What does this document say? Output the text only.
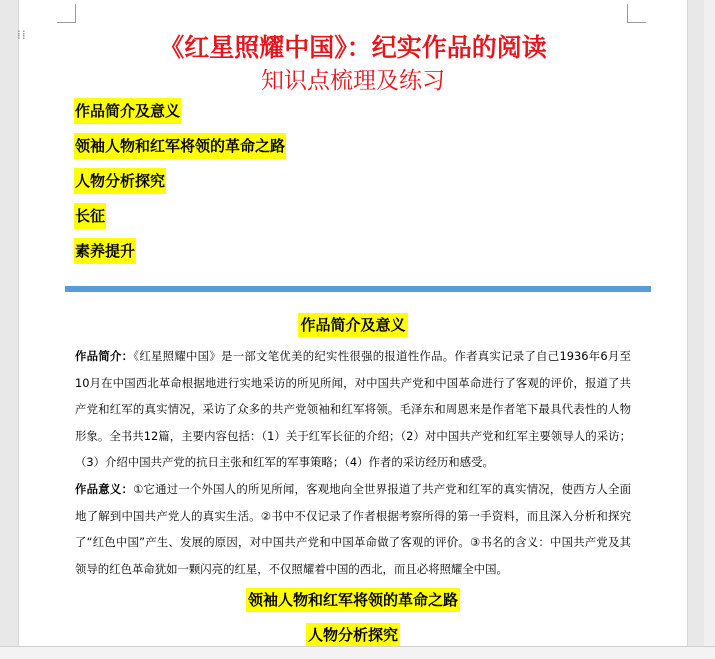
《红星照耀中国》：纪实作品的阅读
知识点梳理及练习
作品简介及意义
领袖人物和红军将领的革命之路
人物分析探究
长征
素养提升
作品简介及意义
作品简介：《红星照耀中国》是一部文笔优美的纪实性很强的报道性作品。作者真实记录了自己1936年6月至10月在中国西北革命根据地进行实地采访的所见所闻，对中国共产党和中国革命进行了客观的评价，报道了共产党和红军的真实情况，采访了众多的共产党领袖和红军将领。毛泽东和周恩来是作者笔下最具代表性的人物形象。全书共12篇，主要内容包括：（1）关于红军长征的介绍；（2）对中国共产党和红军主要领导人的采访；（3）介绍中国共产党的抗日主张和红军的军事策略；（4）作者的采访经历和感受。
作品意义：①它通过一个外国人的所见所闻，客观地向全世界报道了共产党和红军的真实情况，使西方人全面地了解到中国共产党人的真实生活。②书中不仅记录了作者根据考察所得的第一手资料，而且深入分析和探究了“红色中国”产生、发展的原因，对中国共产党和中国革命做了客观的评价。③书名的含义：中国共产党及其领导的红色革命犹如一颗闪亮的红星，不仅照耀着中国的西北，而且必将照耀全中国。
领袖人物和红军将领的革命之路
人物分析探究
⁞⁞
